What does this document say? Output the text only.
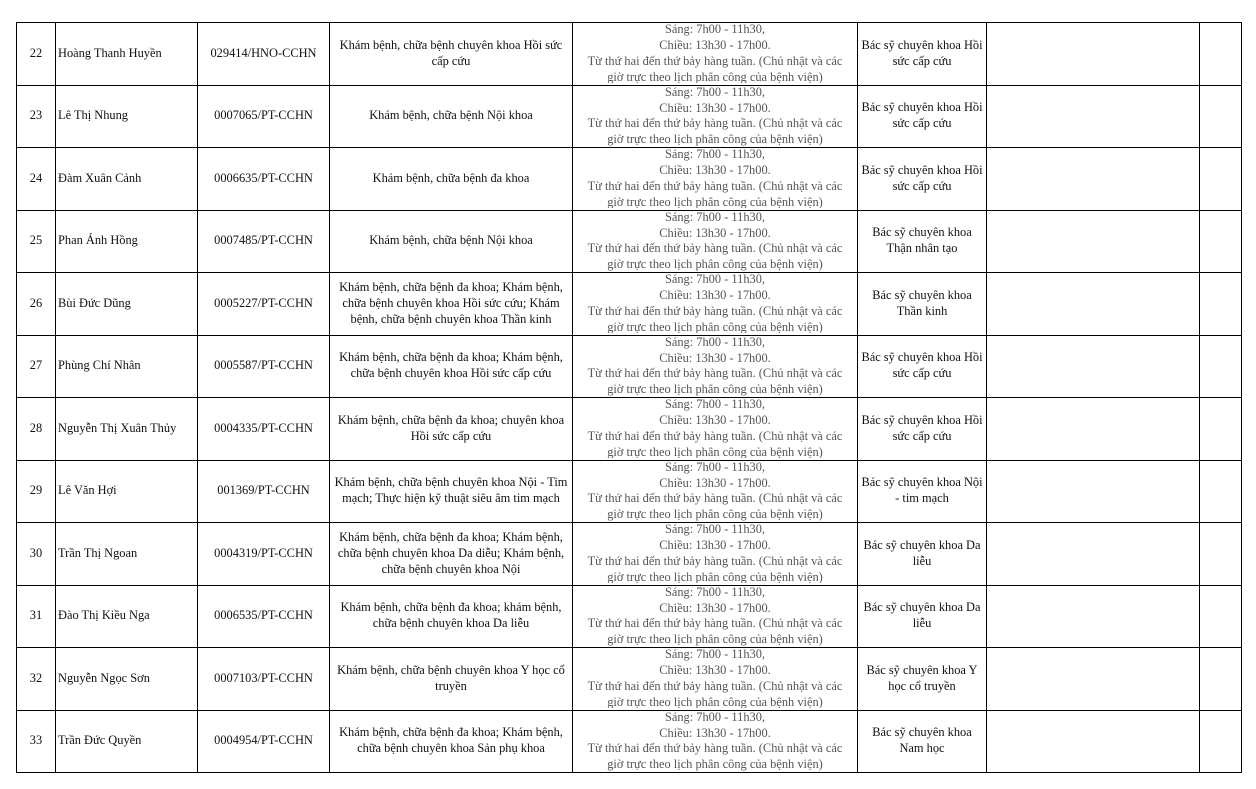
22	Hoàng Thanh Huyền	029414/HNO-CCHN	Khám bệnh, chữa bệnh chuyên khoa Hồi sức cấp cứu	Sáng: 7h00 - 11h30,
Chiều: 13h30 - 17h00.
Từ thứ hai đến thứ bảy hàng tuần. (Chủ nhật và các
giờ trực theo lịch phân công của bệnh viện)	Bác sỹ chuyên khoa Hồi sức cấp cứu		
23	Lê Thị Nhung	0007065/PT-CCHN	Khám bệnh, chữa bệnh Nội khoa	Sáng: 7h00 - 11h30,
Chiều: 13h30 - 17h00.
Từ thứ hai đến thứ bảy hàng tuần. (Chủ nhật và các
giờ trực theo lịch phân công của bệnh viện)	Bác sỹ chuyên khoa Hồi sức cấp cứu		
24	Đàm Xuân Cảnh	0006635/PT-CCHN	Khám bệnh, chữa bệnh đa khoa	Sáng: 7h00 - 11h30,
Chiều: 13h30 - 17h00.
Từ thứ hai đến thứ bảy hàng tuần. (Chủ nhật và các
giờ trực theo lịch phân công của bệnh viện)	Bác sỹ chuyên khoa Hồi sức cấp cứu		
25	Phan Ánh Hồng	0007485/PT-CCHN	Khám bệnh, chữa bệnh Nội khoa	Sáng: 7h00 - 11h30,
Chiều: 13h30 - 17h00.
Từ thứ hai đến thứ bảy hàng tuần. (Chủ nhật và các
giờ trực theo lịch phân công của bệnh viện)	Bác sỹ chuyên khoa Thận nhân tạo		
26	Bùi Đức Dũng	0005227/PT-CCHN	Khám bệnh, chữa bệnh đa khoa; Khám bệnh, chữa bệnh chuyên khoa Hồi sức cứu; Khám bệnh, chữa bệnh chuyên khoa Thần kinh	Sáng: 7h00 - 11h30,
Chiều: 13h30 - 17h00.
Từ thứ hai đến thứ bảy hàng tuần. (Chủ nhật và các
giờ trực theo lịch phân công của bệnh viện)	Bác sỹ chuyên khoa Thần kinh		
27	Phùng Chí Nhân	0005587/PT-CCHN	Khám bệnh, chữa bệnh đa khoa; Khám bệnh, chữa bệnh chuyên khoa Hồi sức cấp cứu	Sáng: 7h00 - 11h30,
Chiều: 13h30 - 17h00.
Từ thứ hai đến thứ bảy hàng tuần. (Chủ nhật và các
giờ trực theo lịch phân công của bệnh viện)	Bác sỹ chuyên khoa Hồi sức cấp cứu		
28	Nguyễn Thị Xuân Thủy	0004335/PT-CCHN	Khám bệnh, chữa bệnh đa khoa; chuyên khoa Hồi sức cấp cứu	Sáng: 7h00 - 11h30,
Chiều: 13h30 - 17h00.
Từ thứ hai đến thứ bảy hàng tuần. (Chủ nhật và các
giờ trực theo lịch phân công của bệnh viện)	Bác sỹ chuyên khoa Hồi sức cấp cứu		
29	Lê Văn Hợi	001369/PT-CCHN	Khám bệnh, chữa bệnh chuyên khoa Nội - Tim mạch; Thực hiện kỹ thuật siêu âm tim mạch	Sáng: 7h00 - 11h30,
Chiều: 13h30 - 17h00.
Từ thứ hai đến thứ bảy hàng tuần. (Chủ nhật và các
giờ trực theo lịch phân công của bệnh viện)	Bác sỹ chuyên khoa Nội - tim mạch		
30	Trần Thị Ngoan	0004319/PT-CCHN	Khám bệnh, chữa bệnh đa khoa; Khám bệnh, chữa bệnh chuyên khoa Da diễu; Khám bệnh, chữa bệnh chuyên khoa Nội	Sáng: 7h00 - 11h30,
Chiều: 13h30 - 17h00.
Từ thứ hai đến thứ bảy hàng tuần. (Chủ nhật và các
giờ trực theo lịch phân công của bệnh viện)	Bác sỹ chuyên khoa Da liễu		
31	Đào Thị Kiều Nga	0006535/PT-CCHN	Khám bệnh, chữa bệnh đa khoa; khám bệnh, chữa bệnh chuyên khoa Da liễu	Sáng: 7h00 - 11h30,
Chiều: 13h30 - 17h00.
Từ thứ hai đến thứ bảy hàng tuần. (Chủ nhật và các
giờ trực theo lịch phân công của bệnh viện)	Bác sỹ chuyên khoa Da liễu		
32	Nguyễn Ngọc Sơn	0007103/PT-CCHN	Khám bệnh, chữa bệnh chuyên khoa Y học cổ truyền	Sáng: 7h00 - 11h30,
Chiều: 13h30 - 17h00.
Từ thứ hai đến thứ bảy hàng tuần. (Chủ nhật và các
giờ trực theo lịch phân công của bệnh viện)	Bác sỹ chuyên khoa Y học cổ truyền		
33	Trần Đức Quyền	0004954/PT-CCHN	Khám bệnh, chữa bệnh đa khoa; Khám bệnh, chữa bệnh chuyên khoa Sản phụ khoa	Sáng: 7h00 - 11h30,
Chiều: 13h30 - 17h00.
Từ thứ hai đến thứ bảy hàng tuần. (Chủ nhật và các
giờ trực theo lịch phân công của bệnh viện)	Bác sỹ chuyên khoa Nam học		
